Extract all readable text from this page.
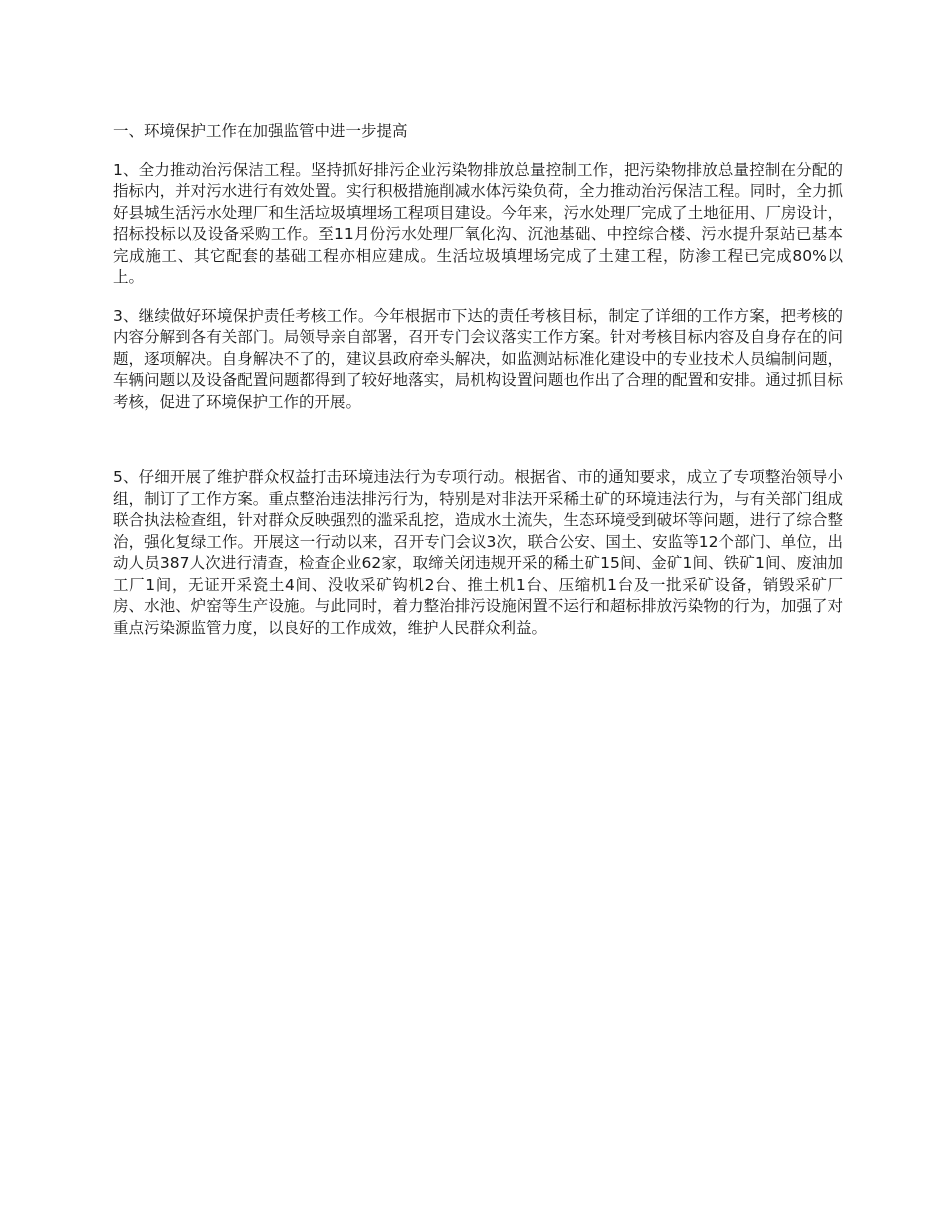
一、环境保护工作在加强监管中进一步提高

1、全力推动治污保洁工程。坚持抓好排污企业污染物排放总量控制工作，把污染物排放总量控制在分配的指标内，并对污水进行有效处置。实行积极措施削减水体污染负荷，全力推动治污保洁工程。同时，全力抓好县城生活污水处理厂和生活垃圾填埋场工程项目建设。今年来，污水处理厂完成了土地征用、厂房设计，招标投标以及设备采购工作。至11月份污水处理厂氧化沟、沉池基础、中控综合楼、污水提升泵站已基本完成施工、其它配套的基础工程亦相应建成。生活垃圾填埋场完成了土建工程，防渗工程已完成80%以上。

3、继续做好环境保护责任考核工作。今年根据市下达的责任考核目标，制定了详细的工作方案，把考核的内容分解到各有关部门。局领导亲自部署，召开专门会议落实工作方案。针对考核目标内容及自身存在的问题，逐项解决。自身解决不了的，建议县政府牵头解决，如监测站标准化建设中的专业技术人员编制问题，车辆问题以及设备配置问题都得到了较好地落实，局机构设置问题也作出了合理的配置和安排。通过抓目标考核，促进了环境保护工作的开展。

5、仔细开展了维护群众权益打击环境违法行为专项行动。根据省、市的通知要求，成立了专项整治领导小组，制订了工作方案。重点整治违法排污行为，特别是对非法开采稀土矿的环境违法行为，与有关部门组成联合执法检查组，针对群众反映强烈的滥采乱挖，造成水土流失，生态环境受到破坏等问题，进行了综合整治，强化复绿工作。开展这一行动以来，召开专门会议3次，联合公安、国土、安监等12个部门、单位，出动人员387人次进行清查，检查企业62家，取缔关闭违规开采的稀土矿15间、金矿1间、铁矿1间、废油加工厂1间，无证开采瓷土4间、没收采矿钩机2台、推土机1台、压缩机1台及一批采矿设备，销毁采矿厂房、水池、炉窑等生产设施。与此同时，着力整治排污设施闲置不运行和超标排放污染物的行为，加强了对重点污染源监管力度，以良好的工作成效，维护人民群众利益。
